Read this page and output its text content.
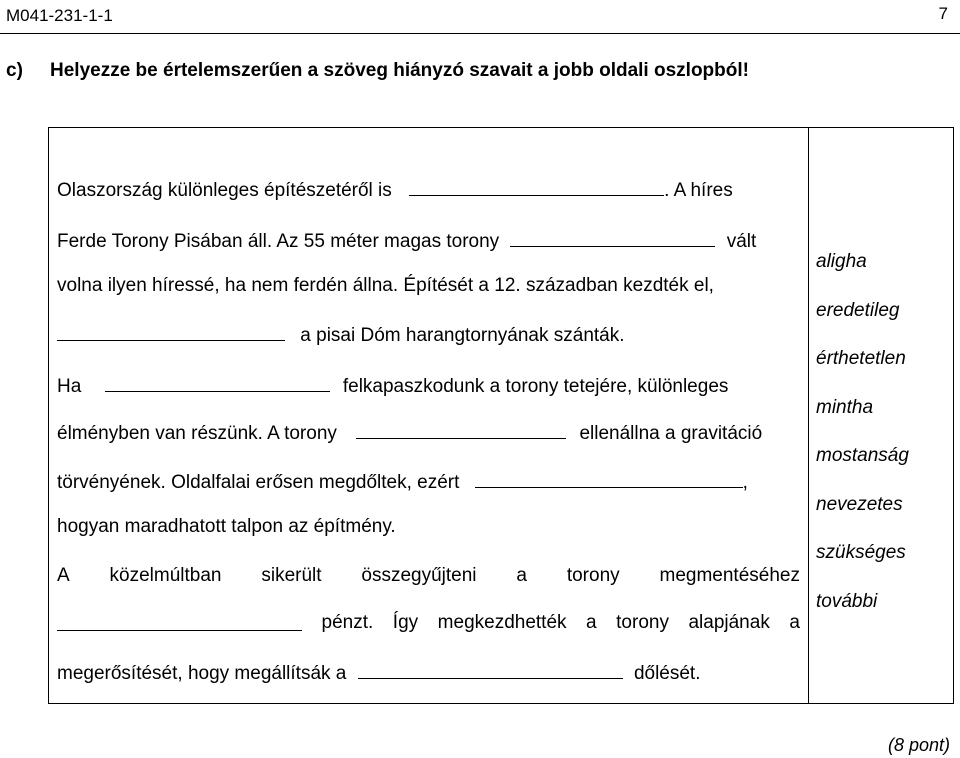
M041-231-1-1	7
c) Helyezze be értelemszerűen a szöveg hiányzó szavait a jobb oldali oszlopból!
Olaszország különleges építészetéről is	. A híres
Ferde Torony Pisában áll. Az 55 méter magas torony	vált
volna ilyen híressé, ha nem ferdén állna. Építését a 12. században kezdték el,
a pisai Dóm harangtornyának szánták.
Ha	felkapaszkodunk a torony tetejére, különleges
élményben van részünk. A torony	ellenállna a gravitáció
törvényének. Oldalfalai erősen megdőltek, ezért	,
hogyan maradhatott talpon az építmény.
A közelmúltban sikerült összegyűjteni a torony megmentéséhez
pénzt. Így megkezdhették a torony alapjának a
megerősítését, hogy megállítsák a	dőlését.
aligha
eredetileg
érthetetlen
mintha
mostanság
nevezetes
szükséges
további
(8 pont)
